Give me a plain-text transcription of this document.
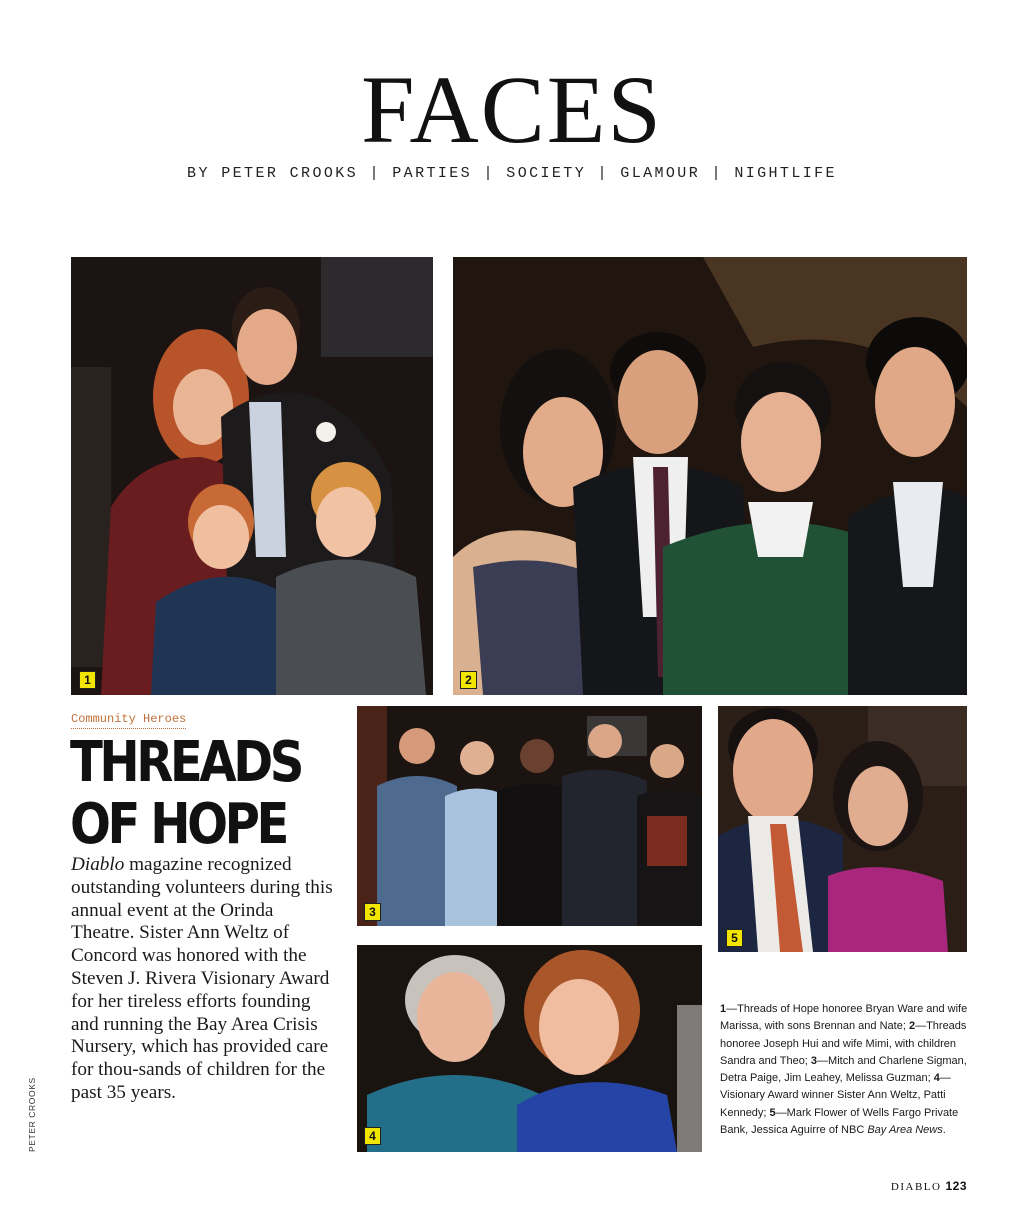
FACES
BY PETER CROOKS | PARTIES | SOCIETY | GLAMOUR | NIGHTLIFE
1	2
3
4
5
Community Heroes
THREADS
OF HOPE
Diablo magazine recognized outstanding volunteers during this annual event at the Orinda Theatre. Sister Ann Weltz of Concord was honored with the Steven J. Rivera Visionary Award for her tireless efforts founding and running the Bay Area Crisis Nursery, which has provided care for thou-sands of children for the past 35 years.
PETER CROOKS
1—Threads of Hope honoree Bryan Ware and wife Marissa, with sons Brennan and Nate; 2—Threads honoree Joseph Hui and wife Mimi, with children Sandra and Theo; 3—Mitch and Charlene Sigman, Detra Paige, Jim Leahey, Melissa Guzman; 4—Visionary Award winner Sister Ann Weltz, Patti Kennedy; 5—Mark Flower of Wells Fargo Private Bank, Jessica Aguirre of NBC Bay Area News.
DIABLO 123
